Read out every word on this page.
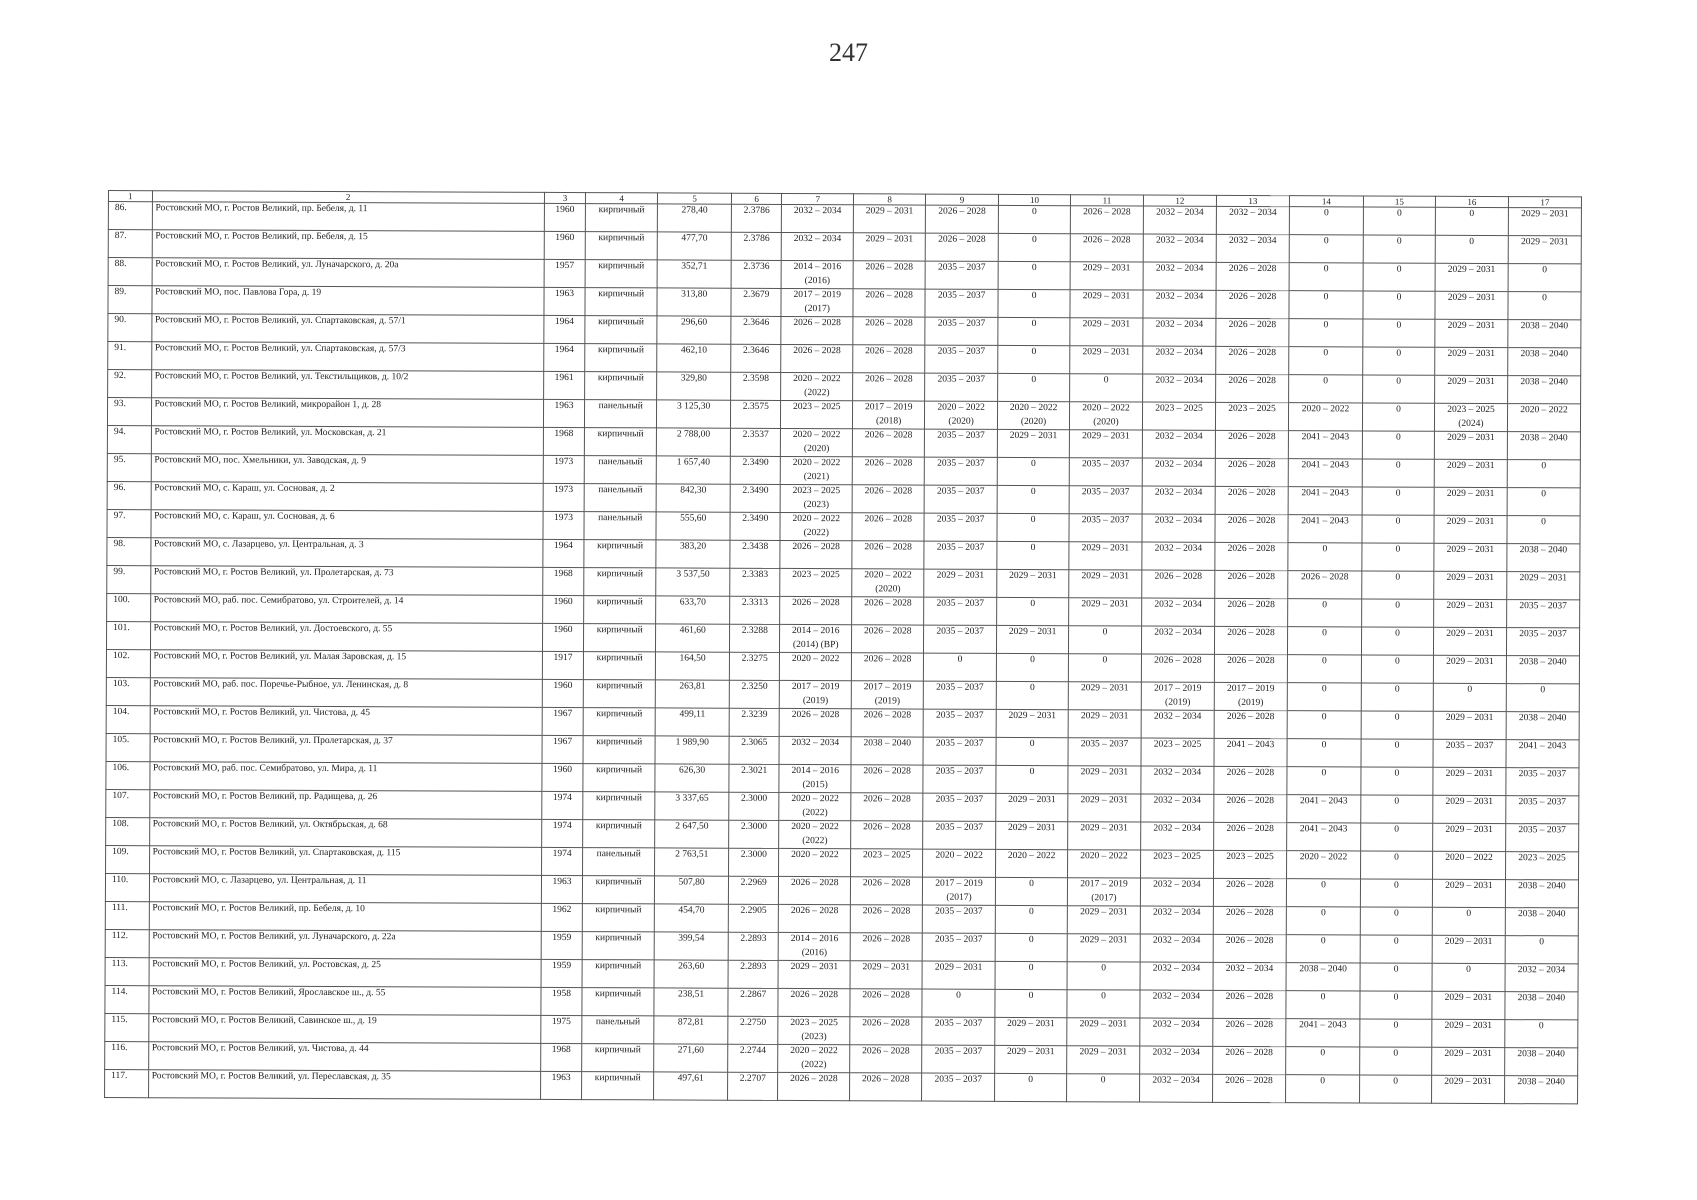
247
1	2	3	4	5	6	7	8	9	10	11	12	13	14	15	16	17
86.	Ростовский МО, г. Ростов Великий, пр. Бебеля, д. 11	1960	кирпичный	278,40	2.3786	2032 – 2034	2029 – 2031	2026 – 2028	0	2026 – 2028	2032 – 2034	2032 – 2034	0	0	0	2029 – 2031
87.	Ростовский МО, г. Ростов Великий, пр. Бебеля, д. 15	1960	кирпичный	477,70	2.3786	2032 – 2034	2029 – 2031	2026 – 2028	0	2026 – 2028	2032 – 2034	2032 – 2034	0	0	0	2029 – 2031
88.	Ростовский МО, г. Ростов Великий, ул. Луначарского, д. 20а	1957	кирпичный	352,71	2.3736	2014 – 2016
(2016)	2026 – 2028	2035 – 2037	0	2029 – 2031	2032 – 2034	2026 – 2028	0	0	2029 – 2031	0
89.	Ростовский МО, пос. Павлова Гора, д. 19	1963	кирпичный	313,80	2.3679	2017 – 2019
(2017)	2026 – 2028	2035 – 2037	0	2029 – 2031	2032 – 2034	2026 – 2028	0	0	2029 – 2031	0
90.	Ростовский МО, г. Ростов Великий, ул. Спартаковская, д. 57/1	1964	кирпичный	296,60	2.3646	2026 – 2028	2026 – 2028	2035 – 2037	0	2029 – 2031	2032 – 2034	2026 – 2028	0	0	2029 – 2031	2038 – 2040
91.	Ростовский МО, г. Ростов Великий, ул. Спартаковская, д. 57/3	1964	кирпичный	462,10	2.3646	2026 – 2028	2026 – 2028	2035 – 2037	0	2029 – 2031	2032 – 2034	2026 – 2028	0	0	2029 – 2031	2038 – 2040
92.	Ростовский МО, г. Ростов Великий, ул. Текстильщиков, д. 10/2	1961	кирпичный	329,80	2.3598	2020 – 2022
(2022)	2026 – 2028	2035 – 2037	0	0	2032 – 2034	2026 – 2028	0	0	2029 – 2031	2038 – 2040
93.	Ростовский МО, г. Ростов Великий, микрорайон 1, д. 28	1963	панельный	3 125,30	2.3575	2023 – 2025	2017 – 2019
(2018)	2020 – 2022
(2020)	2020 – 2022
(2020)	2020 – 2022
(2020)	2023 – 2025	2023 – 2025	2020 – 2022	0	2023 – 2025
(2024)	2020 – 2022
94.	Ростовский МО, г. Ростов Великий, ул. Московская, д. 21	1968	кирпичный	2 788,00	2.3537	2020 – 2022
(2020)	2026 – 2028	2035 – 2037	2029 – 2031	2029 – 2031	2032 – 2034	2026 – 2028	2041 – 2043	0	2029 – 2031	2038 – 2040
95.	Ростовский МО, пос. Хмельники, ул. Заводская, д. 9	1973	панельный	1 657,40	2.3490	2020 – 2022
(2021)	2026 – 2028	2035 – 2037	0	2035 – 2037	2032 – 2034	2026 – 2028	2041 – 2043	0	2029 – 2031	0
96.	Ростовский МО, с. Караш, ул. Сосновая, д. 2	1973	панельный	842,30	2.3490	2023 – 2025
(2023)	2026 – 2028	2035 – 2037	0	2035 – 2037	2032 – 2034	2026 – 2028	2041 – 2043	0	2029 – 2031	0
97.	Ростовский МО, с. Караш, ул. Сосновая, д. 6	1973	панельный	555,60	2.3490	2020 – 2022
(2022)	2026 – 2028	2035 – 2037	0	2035 – 2037	2032 – 2034	2026 – 2028	2041 – 2043	0	2029 – 2031	0
98.	Ростовский МО, с. Лазарцево, ул. Центральная, д. 3	1964	кирпичный	383,20	2.3438	2026 – 2028	2026 – 2028	2035 – 2037	0	2029 – 2031	2032 – 2034	2026 – 2028	0	0	2029 – 2031	2038 – 2040
99.	Ростовский МО, г. Ростов Великий, ул. Пролетарская, д. 73	1968	кирпичный	3 537,50	2.3383	2023 – 2025	2020 – 2022
(2020)	2029 – 2031	2029 – 2031	2029 – 2031	2026 – 2028	2026 – 2028	2026 – 2028	0	2029 – 2031	2029 – 2031
100.	Ростовский МО, раб. пос. Семибратово, ул. Строителей, д. 14	1960	кирпичный	633,70	2.3313	2026 – 2028	2026 – 2028	2035 – 2037	0	2029 – 2031	2032 – 2034	2026 – 2028	0	0	2029 – 2031	2035 – 2037
101.	Ростовский МО, г. Ростов Великий, ул. Достоевского, д. 55	1960	кирпичный	461,60	2.3288	2014 – 2016
(2014) (ВР)	2026 – 2028	2035 – 2037	2029 – 2031	0	2032 – 2034	2026 – 2028	0	0	2029 – 2031	2035 – 2037
102.	Ростовский МО, г. Ростов Великий, ул. Малая Заровская, д. 15	1917	кирпичный	164,50	2.3275	2020 – 2022	2026 – 2028	0	0	0	2026 – 2028	2026 – 2028	0	0	2029 – 2031	2038 – 2040
103.	Ростовский МО, раб. пос. Поречье-Рыбное, ул. Ленинская, д. 8	1960	кирпичный	263,81	2.3250	2017 – 2019
(2019)	2017 – 2019
(2019)	2035 – 2037	0	2029 – 2031	2017 – 2019
(2019)	2017 – 2019
(2019)	0	0	0	0
104.	Ростовский МО, г. Ростов Великий, ул. Чистова, д. 45	1967	кирпичный	499,11	2.3239	2026 – 2028	2026 – 2028	2035 – 2037	2029 – 2031	2029 – 2031	2032 – 2034	2026 – 2028	0	0	2029 – 2031	2038 – 2040
105.	Ростовский МО, г. Ростов Великий, ул. Пролетарская, д. 37	1967	кирпичный	1 989,90	2.3065	2032 – 2034	2038 – 2040	2035 – 2037	0	2035 – 2037	2023 – 2025	2041 – 2043	0	0	2035 – 2037	2041 – 2043
106.	Ростовский МО, раб. пос. Семибратово, ул. Мира, д. 11	1960	кирпичный	626,30	2.3021	2014 – 2016
(2015)	2026 – 2028	2035 – 2037	0	2029 – 2031	2032 – 2034	2026 – 2028	0	0	2029 – 2031	2035 – 2037
107.	Ростовский МО, г. Ростов Великий, пр. Радищева, д. 26	1974	кирпичный	3 337,65	2.3000	2020 – 2022
(2022)	2026 – 2028	2035 – 2037	2029 – 2031	2029 – 2031	2032 – 2034	2026 – 2028	2041 – 2043	0	2029 – 2031	2035 – 2037
108.	Ростовский МО, г. Ростов Великий, ул. Октябрьская, д. 68	1974	кирпичный	2 647,50	2.3000	2020 – 2022
(2022)	2026 – 2028	2035 – 2037	2029 – 2031	2029 – 2031	2032 – 2034	2026 – 2028	2041 – 2043	0	2029 – 2031	2035 – 2037
109.	Ростовский МО, г. Ростов Великий, ул. Спартаковская, д. 115	1974	панельный	2 763,51	2.3000	2020 – 2022	2023 – 2025	2020 – 2022	2020 – 2022	2020 – 2022	2023 – 2025	2023 – 2025	2020 – 2022	0	2020 – 2022	2023 – 2025
110.	Ростовский МО, с. Лазарцево, ул. Центральная, д. 11	1963	кирпичный	507,80	2.2969	2026 – 2028	2026 – 2028	2017 – 2019
(2017)	0	2017 – 2019
(2017)	2032 – 2034	2026 – 2028	0	0	2029 – 2031	2038 – 2040
111.	Ростовский МО, г. Ростов Великий, пр. Бебеля, д. 10	1962	кирпичный	454,70	2.2905	2026 – 2028	2026 – 2028	2035 – 2037	0	2029 – 2031	2032 – 2034	2026 – 2028	0	0	0	2038 – 2040
112.	Ростовский МО, г. Ростов Великий, ул. Луначарского, д. 22а	1959	кирпичный	399,54	2.2893	2014 – 2016
(2016)	2026 – 2028	2035 – 2037	0	2029 – 2031	2032 – 2034	2026 – 2028	0	0	2029 – 2031	0
113.	Ростовский МО, г. Ростов Великий, ул. Ростовская, д. 25	1959	кирпичный	263,60	2.2893	2029 – 2031	2029 – 2031	2029 – 2031	0	0	2032 – 2034	2032 – 2034	2038 – 2040	0	0	2032 – 2034
114.	Ростовский МО, г. Ростов Великий, Ярославское ш., д. 55	1958	кирпичный	238,51	2.2867	2026 – 2028	2026 – 2028	0	0	0	2032 – 2034	2026 – 2028	0	0	2029 – 2031	2038 – 2040
115.	Ростовский МО, г. Ростов Великий, Савинское ш., д. 19	1975	панельный	872,81	2.2750	2023 – 2025
(2023)	2026 – 2028	2035 – 2037	2029 – 2031	2029 – 2031	2032 – 2034	2026 – 2028	2041 – 2043	0	2029 – 2031	0
116.	Ростовский МО, г. Ростов Великий, ул. Чистова, д. 44	1968	кирпичный	271,60	2.2744	2020 – 2022
(2022)	2026 – 2028	2035 – 2037	2029 – 2031	2029 – 2031	2032 – 2034	2026 – 2028	0	0	2029 – 2031	2038 – 2040
117.	Ростовский МО, г. Ростов Великий, ул. Переславская, д. 35	1963	кирпичный	497,61	2.2707	2026 – 2028	2026 – 2028	2035 – 2037	0	0	2032 – 2034	2026 – 2028	0	0	2029 – 2031	2038 – 2040
